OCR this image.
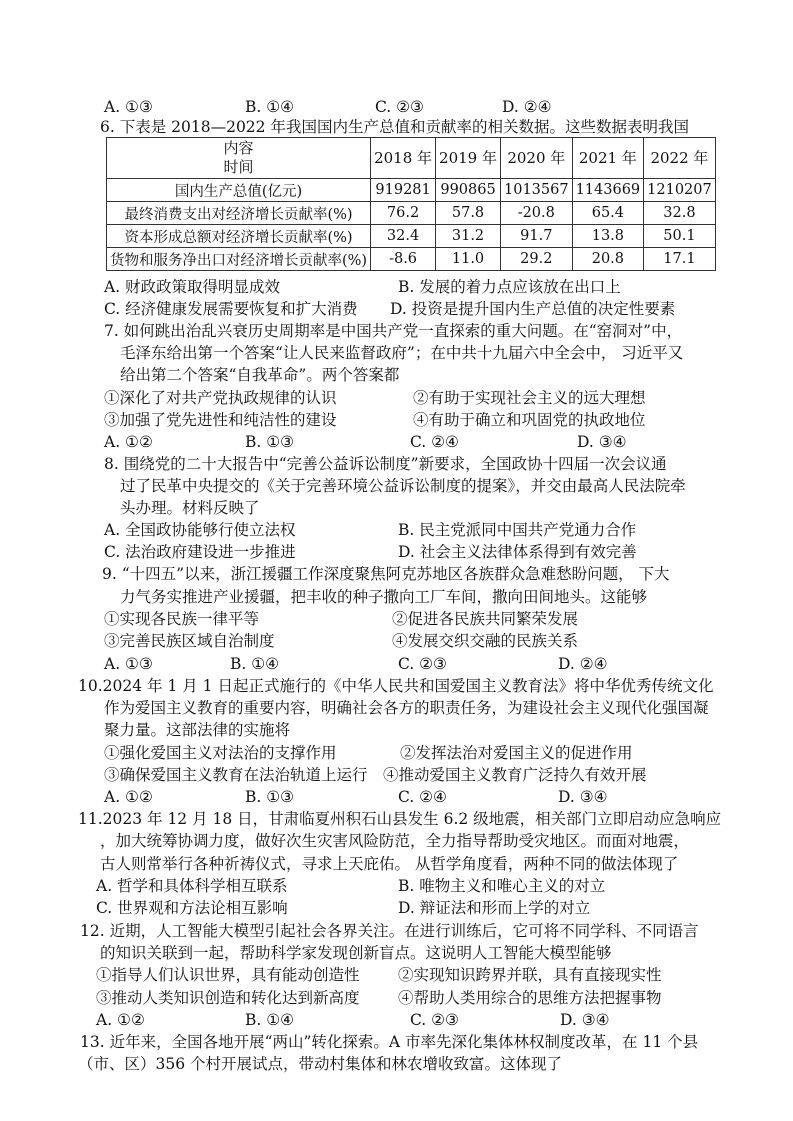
A. ①③	B. ①④	C. ②③	D. ②④
6. 下表是 2018—2022 年我国国内生产总值和贡献率的相关数据。这些数据表明我国
内容
时间	2018 年	2019 年	2020 年	2021 年	2022 年
国内生产总值(亿元)	919281	990865	1013567	1143669	1210207
最终消费支出对经济增长贡献率(%)	76.2	57.8	-20.8	65.4	32.8
资本形成总额对经济增长贡献率(%)	32.4	31.2	91.7	13.8	50.1
货物和服务净出口对经济增长贡献率(%)	-8.6	11.0	29.2	20.8	17.1
A. 财政政策取得明显成效	B. 发展的着力点应该放在出口上
C. 经济健康发展需要恢复和扩大消费 D. 投资是提升国内生产总值的决定性要素
7. 如何跳出治乱兴衰历史周期率是中国共产党一直探索的重大问题。在“窑洞对”中，
毛泽东给出第一个答案“让人民来监督政府”；在中共十九届六中全会中， 习近平又
给出第二个答案“自我革命”。两个答案都
①深化了对共产党执政规律的认识	②有助于实现社会主义的远大理想
③加强了党先进性和纯洁性的建设	④有助于确立和巩固党的执政地位
A. ①②	B. ①③	C. ②④	D. ③④
8. 围绕党的二十大报告中“完善公益诉讼制度”新要求，全国政协十四届一次会议通
过了民革中央提交的《关于完善环境公益诉讼制度的提案》，并交由最高人民法院牵
头办理。材料反映了
A. 全国政协能够行使立法权	B. 民主党派同中国共产党通力合作
C. 法治政府建设进一步推进	D. 社会主义法律体系得到有效完善
9. “十四五”以来，浙江援疆工作深度聚焦阿克苏地区各族群众急难愁盼问题， 下大
力气务实推进产业援疆，把丰收的种子撒向工厂车间，撒向田间地头。这能够
①实现各民族一律平等	②促进各民族共同繁荣发展
③完善民族区域自治制度	④发展交织交融的民族关系
A. ①③	B. ①④	C. ②③	D. ②④
10.2024 年 1 月 1 日起正式施行的《中华人民共和国爱国主义教育法》将中华优秀传统文化
作为爱国主义教育的重要内容，明确社会各方的职责任务，为建设社会主义现代化强国凝
聚力量。这部法律的实施将
①强化爱国主义对法治的支撑作用	②发挥法治对爱国主义的促进作用
③确保爱国主义教育在法治轨道上运行 ④推动爱国主义教育广泛持久有效开展
A. ①②	B. ①③	C. ②④	D. ③④
11.2023 年 12 月 18 日，甘肃临夏州积石山县发生 6.2 级地震，相关部门立即启动应急响应
，加大统筹协调力度，做好次生灾害风险防范，全力指导帮助受灾地区。而面对地震，
古人则常举行各种祈祷仪式，寻求上天庇佑。 从哲学角度看，两种不同的做法体现了
A. 哲学和具体科学相互联系	B. 唯物主义和唯心主义的对立
C. 世界观和方法论相互影响	D. 辩证法和形而上学的对立
12. 近期，人工智能大模型引起社会各界关注。在进行训练后，它可将不同学科、不同语言
的知识关联到一起，帮助科学家发现创新盲点。这说明人工智能大模型能够
①指导人们认识世界，具有能动创造性 ②实现知识跨界并联，具有直接现实性
③推动人类知识创造和转化达到新高度 ④帮助人类用综合的思维方法把握事物
A. ①②	B. ①④	C. ②③	D. ③④
13. 近年来，全国各地开展“两山”转化探索。A 市率先深化集体林权制度改革，在 11 个县
（市、区）356 个村开展试点，带动村集体和林农增收致富。这体现了
